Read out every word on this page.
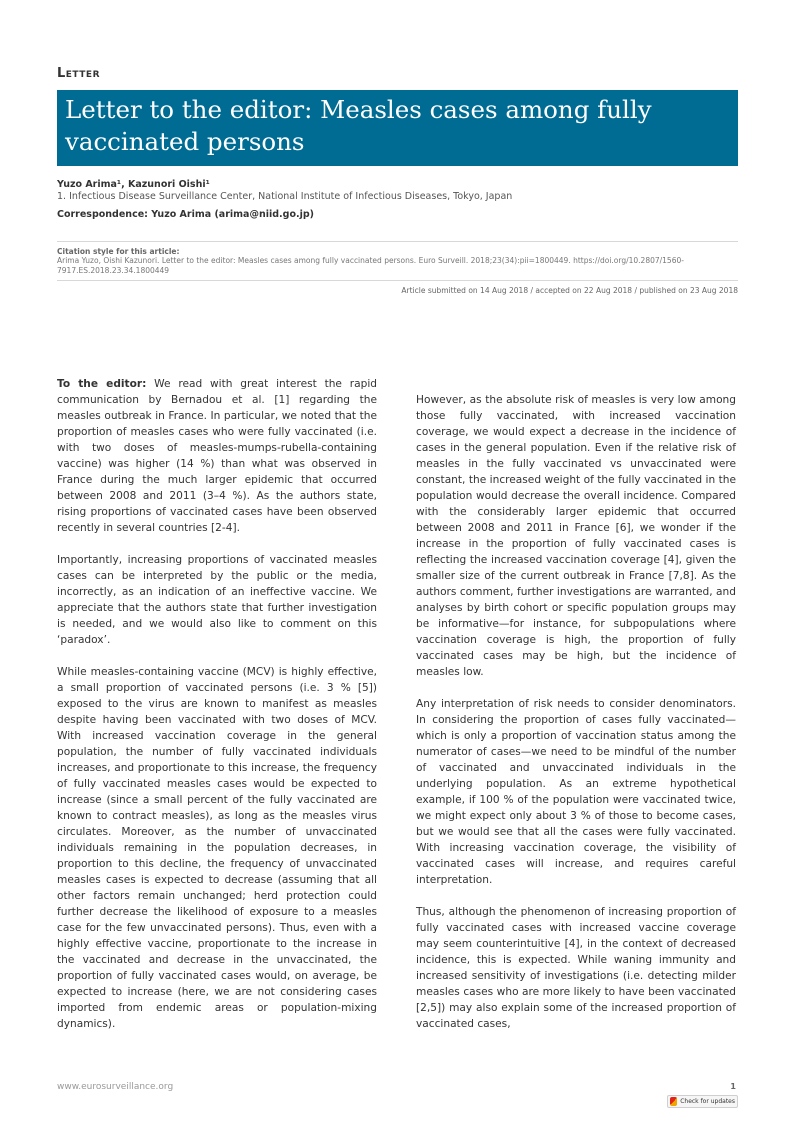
Letter
Letter to the editor: Measles cases among fully vaccinated persons
Yuzo Arima¹, Kazunori Oishi¹
1. Infectious Disease Surveillance Center, National Institute of Infectious Diseases, Tokyo, Japan
Correspondence: Yuzo Arima (arima@niid.go.jp)
Citation style for this article:
Arima Yuzo, Oishi Kazunori. Letter to the editor: Measles cases among fully vaccinated persons. Euro Surveill. 2018;23(34):pii=1800449. https://doi.org/10.2807/1560-7917.ES.2018.23.34.1800449
Article submitted on 14 Aug 2018 / accepted on 22 Aug 2018 / published on 23 Aug 2018

To the editor: We read with great interest the rapid communication by Bernadou et al. [1] regarding the measles outbreak in France. In particular, we noted that the proportion of measles cases who were fully vaccinated (i.e. with two doses of measles-mumps-rubella-containing vaccine) was higher (14 %) than what was observed in France during the much larger epidemic that occurred between 2008 and 2011 (3–4 %). As the authors state, rising proportions of vaccinated cases have been observed recently in several countries [2-4].

Importantly, increasing proportions of vaccinated measles cases can be interpreted by the public or the media, incorrectly, as an indication of an ineffective vaccine. We appreciate that the authors state that further investigation is needed, and we would also like to comment on this ‘paradox’.

While measles-containing vaccine (MCV) is highly effective, a small proportion of vaccinated persons (i.e. 3 % [5]) exposed to the virus are known to manifest as measles despite having been vaccinated with two doses of MCV. With increased vaccination coverage in the general population, the number of fully vaccinated individuals increases, and proportionate to this increase, the frequency of fully vaccinated measles cases would be expected to increase (since a small percent of the fully vaccinated are known to contract measles), as long as the measles virus circulates. Moreover, as the number of unvaccinated individuals remaining in the population decreases, in proportion to this decline, the frequency of unvaccinated measles cases is expected to decrease (assuming that all other factors remain unchanged; herd protection could further decrease the likelihood of exposure to a measles case for the few unvaccinated persons). Thus, even with a highly effective vaccine, proportionate to the increase in the vaccinated and decrease in the unvaccinated, the proportion of fully vaccinated cases would, on average, be expected to increase (here, we are not considering cases imported from endemic areas or population-mixing dynamics).

However, as the absolute risk of measles is very low among those fully vaccinated, with increased vaccination coverage, we would expect a decrease in the incidence of cases in the general population. Even if the relative risk of measles in the fully vaccinated vs unvaccinated were constant, the increased weight of the fully vaccinated in the population would decrease the overall incidence. Compared with the considerably larger epidemic that occurred between 2008 and 2011 in France [6], we wonder if the increase in the proportion of fully vaccinated cases is reflecting the increased vaccination coverage [4], given the smaller size of the current outbreak in France [7,8]. As the authors comment, further investigations are warranted, and analyses by birth cohort or specific population groups may be informative—for instance, for subpopulations where vaccination coverage is high, the proportion of fully vaccinated cases may be high, but the incidence of measles low.

Any interpretation of risk needs to consider denominators. In considering the proportion of cases fully vaccinated—which is only a proportion of vaccination status among the numerator of cases—we need to be mindful of the number of vaccinated and unvaccinated individuals in the underlying population. As an extreme hypothetical example, if 100 % of the population were vaccinated twice, we might expect only about 3 % of those to become cases, but we would see that all the cases were fully vaccinated. With increasing vaccination coverage, the visibility of vaccinated cases will increase, and requires careful interpretation.

Thus, although the phenomenon of increasing proportion of fully vaccinated cases with increased vaccine coverage may seem counterintuitive [4], in the context of decreased incidence, this is expected. While waning immunity and increased sensitivity of investigations (i.e. detecting milder measles cases who are more likely to have been vaccinated [2,5]) may also explain some of the increased proportion of vaccinated cases,

www.eurosurveillance.org	1
Check for updates
